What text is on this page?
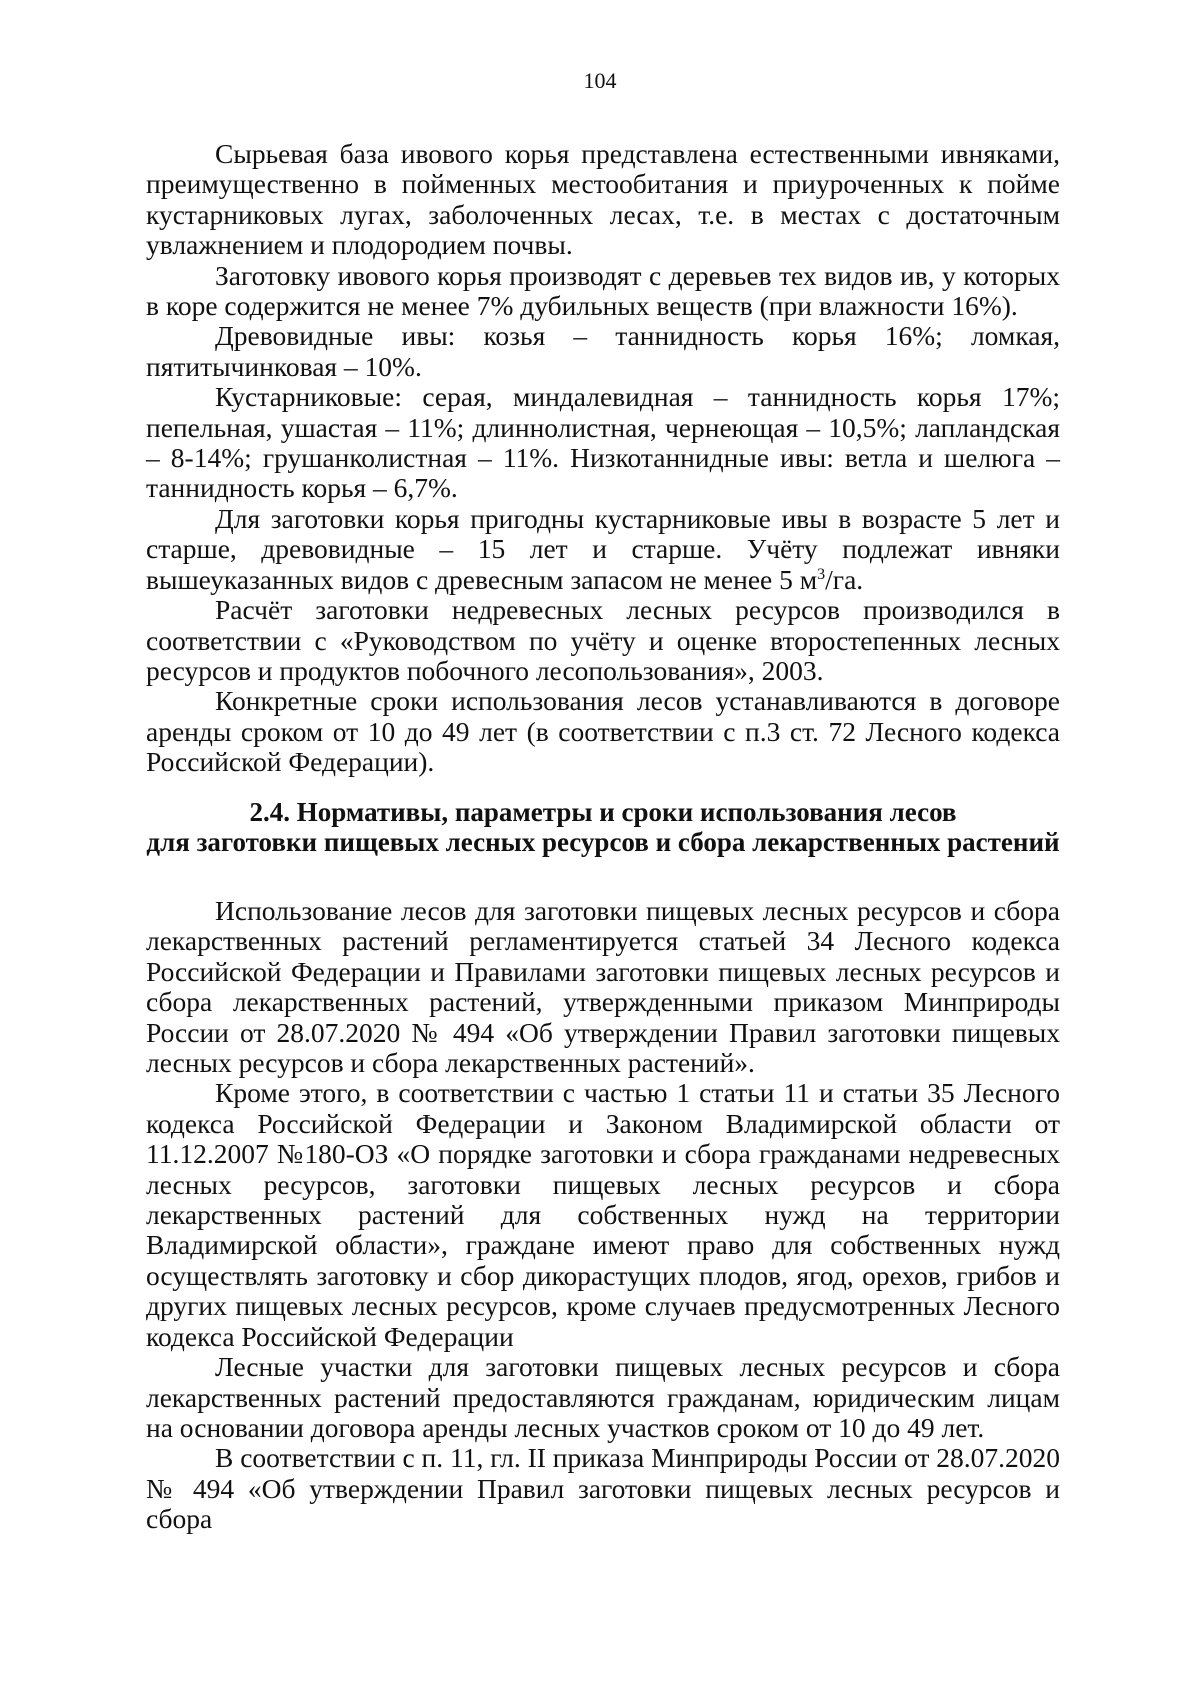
104

Сырьевая база ивового корья представлена естественными ивняками, преимущественно в пойменных местообитания и приуроченных к пойме кустарниковых лугах, заболоченных лесах, т.е. в местах с достаточным увлажнением и плодородием почвы.

Заготовку ивового корья производят с деревьев тех видов ив, у которых в коре содержится не менее 7% дубильных веществ (при влажности 16%).

Древовидные ивы: козья – таннидность корья 16%; ломкая, пятитычинковая – 10%.

Кустарниковые: серая, миндалевидная – таннидность корья 17%; пепельная, ушастая – 11%; длиннолистная, чернеющая – 10,5%; лапландская – 8-14%; грушанколистная – 11%. Низкотаннидные ивы: ветла и шелюга – таннидность корья – 6,7%.

Для заготовки корья пригодны кустарниковые ивы в возрасте 5 лет и старше, древовидные – 15 лет и старше. Учёту подлежат ивняки вышеуказанных видов с древесным запасом не менее 5 $м^3/га$.

Расчёт заготовки недревесных лесных ресурсов производился в соответствии с «Руководством по учёту и оценке второстепенных лесных ресурсов и продуктов побочного лесопользования», 2003.

Конкретные сроки использования лесов устанавливаются в договоре аренды сроком от 10 до 49 лет (в соответствии с п.3 ст. 72 Лесного кодекса Российской Федерации).

2.4. Нормативы, параметры и сроки использования лесов
для заготовки пищевых лесных ресурсов и сбора лекарственных растений

Использование лесов для заготовки пищевых лесных ресурсов и сбора лекарственных растений регламентируется статьей 34 Лесного кодекса Российской Федерации и Правилами заготовки пищевых лесных ресурсов и сбора лекарственных растений, утвержденными приказом Минприроды России от 28.07.2020 № 494 «Об утверждении Правил заготовки пищевых лесных ресурсов и сбора лекарственных растений».

Кроме этого, в соответствии с частью 1 статьи 11 и статьи 35 Лесного кодекса Российской Федерации и Законом Владимирской области от 11.12.2007 №180-ОЗ «О порядке заготовки и сбора гражданами недревесных лесных ресурсов, заготовки пищевых лесных ресурсов и сбора лекарственных растений для собственных нужд на территории Владимирской области», граждане имеют право для собственных нужд осуществлять заготовку и сбор дикорастущих плодов, ягод, орехов, грибов и других пищевых лесных ресурсов, кроме случаев предусмотренных Лесного кодекса Российской Федерации

Лесные участки для заготовки пищевых лесных ресурсов и сбора лекарственных растений предоставляются гражданам, юридическим лицам на основании договора аренды лесных участков сроком от 10 до 49 лет.

В соответствии с п. 11, гл. II приказа Минприроды России от 28.07.2020 № 494 «Об утверждении Правил заготовки пищевых лесных ресурсов и сбора
